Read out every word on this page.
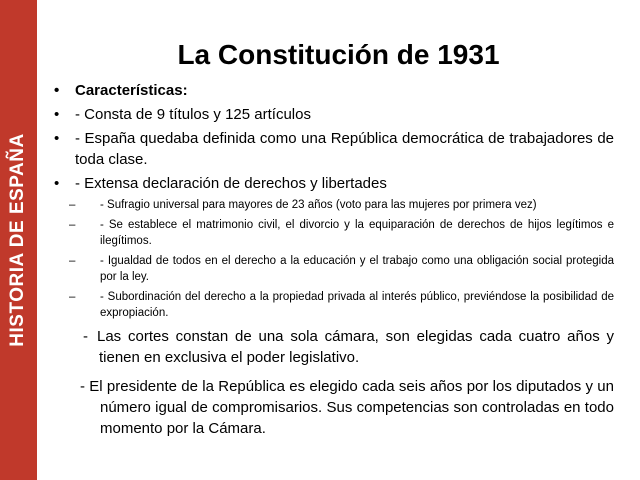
HISTORIA DE ESPAÑA
La Constitución de 1931
• Características:
• - Consta de 9 títulos y 125 artículos
• - España quedaba definida como una República democrática de trabajadores de toda clase.
• - Extensa declaración de derechos y libertades
– - Sufragio universal para mayores de 23 años (voto para las mujeres por primera vez)
– - Se establece el matrimonio civil, el divorcio y la equiparación de derechos de hijos legítimos e ilegítimos.
– - Igualdad de todos en el derecho a la educación y el trabajo como una obligación social protegida por la ley.
– - Subordinación del derecho a la propiedad privada al interés público, previéndose la posibilidad de expropiación.
- Las cortes constan de una sola cámara, son elegidas cada cuatro años y tienen en exclusiva el poder legislativo.
- El presidente de la República es elegido cada seis años por los diputados y un número igual de compromisarios. Sus competencias son controladas en todo momento por la Cámara.
